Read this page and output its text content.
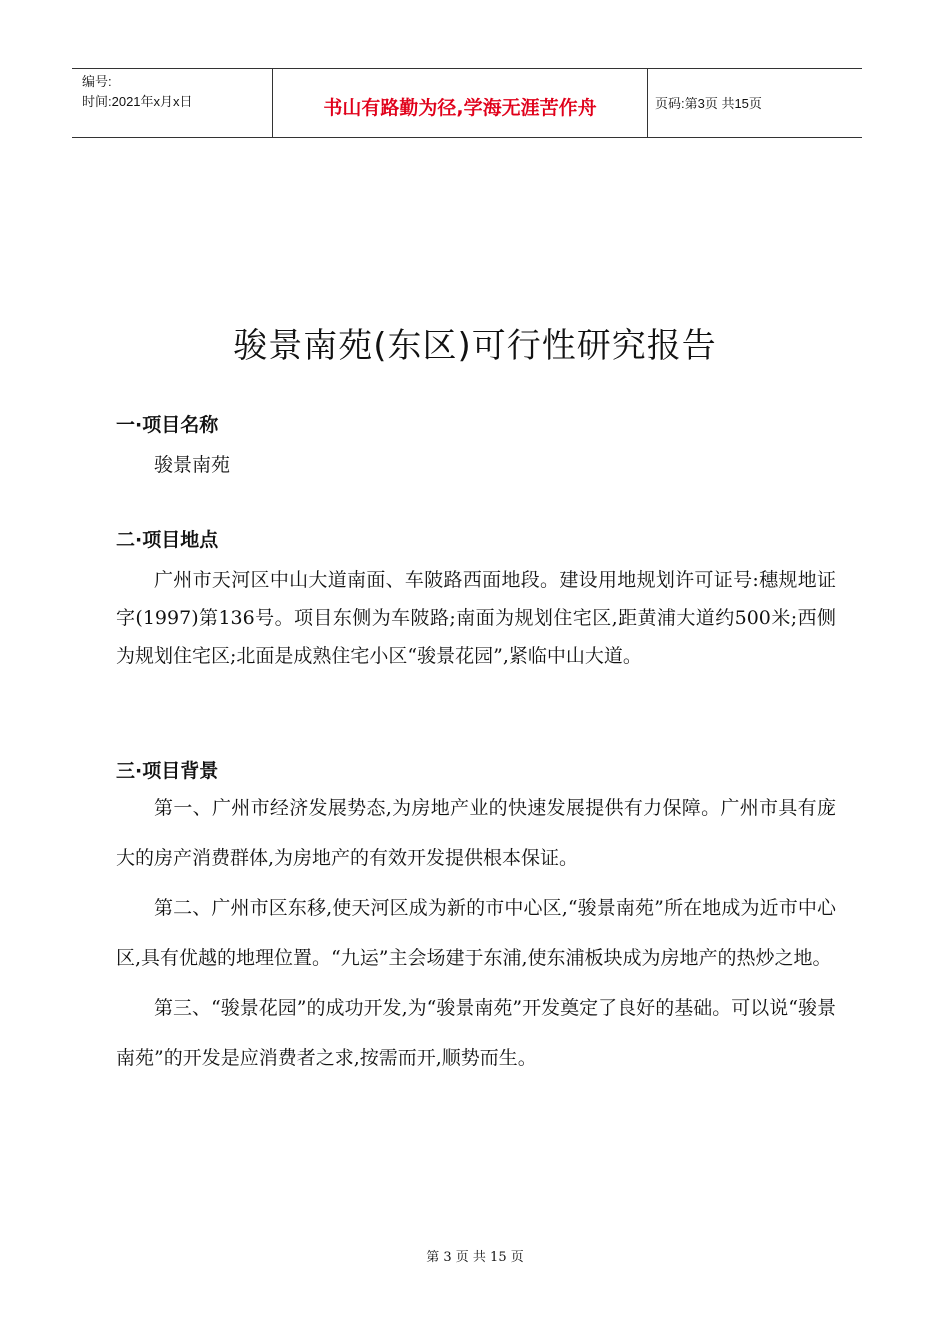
编号:
时间:2021年x月x日	书山有路勤为径,学海无涯苦作舟	页码:第3页 共15页
骏景南苑(东区)可行性研究报告
一·项目名称

骏景南苑

二·项目地点

广州市天河区中山大道南面、车陂路西面地段。建设用地规划许可证号:穗规地证字(1997)第136号。项目东侧为车陂路;南面为规划住宅区,距黄浦大道约500米;西侧为规划住宅区;北面是成熟住宅小区“骏景花园”,紧临中山大道。

三·项目背景

第一、广州市经济发展势态,为房地产业的快速发展提供有力保障。广州市具有庞大的房产消费群体,为房地产的有效开发提供根本保证。

第二、广州市区东移,使天河区成为新的市中心区,“骏景南苑”所在地成为近市中心区,具有优越的地理位置。“九运”主会场建于东浦,使东浦板块成为房地产的热炒之地。

第三、“骏景花园”的成功开发,为“骏景南苑”开发奠定了良好的基础。可以说“骏景南苑”的开发是应消费者之求,按需而开,顺势而生。

第 3 页 共 15 页
